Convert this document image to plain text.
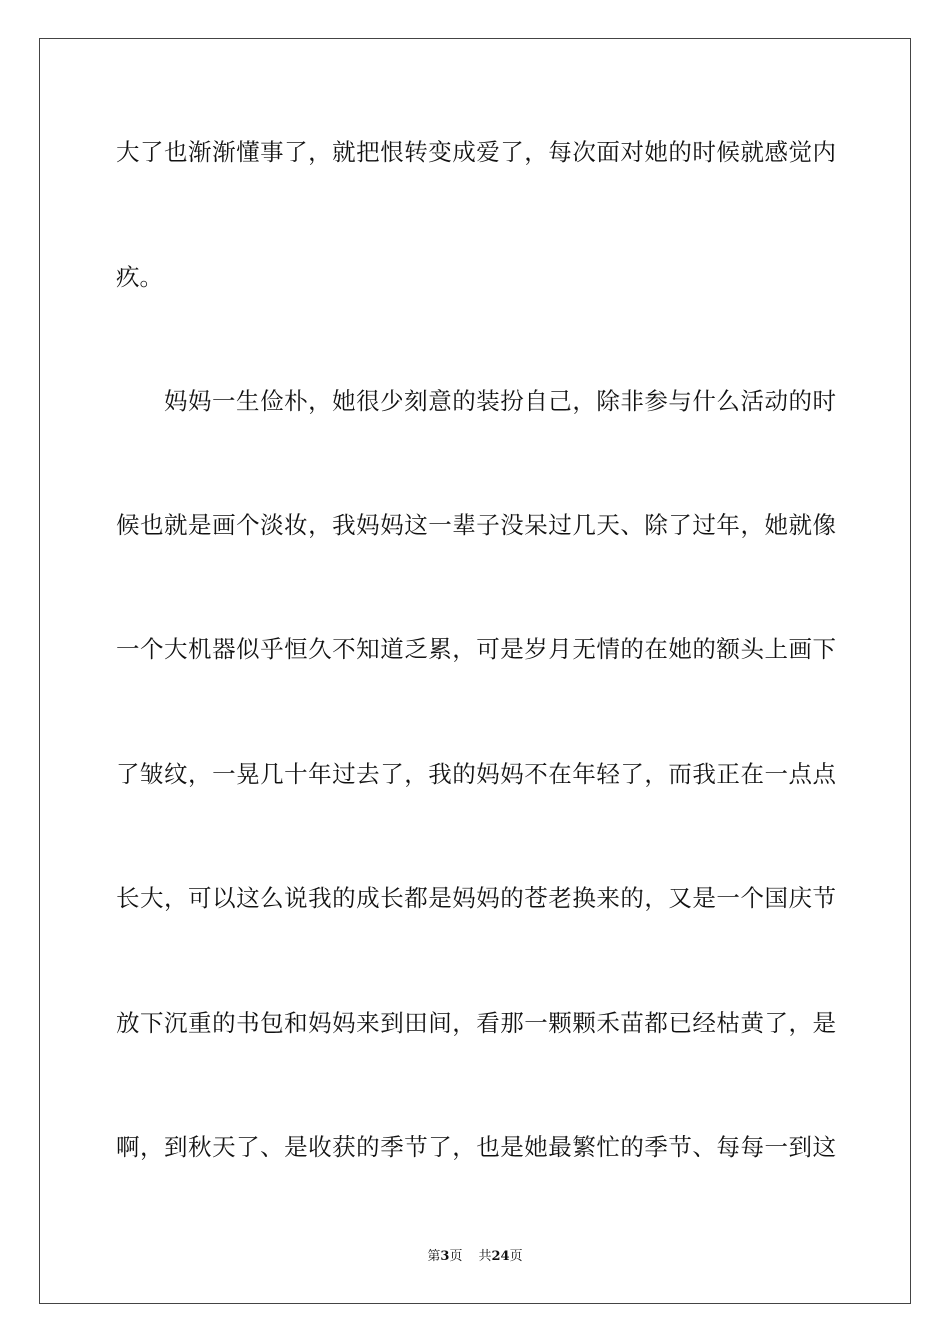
大了也渐渐懂事了，就把恨转变成爱了，每次面对她的时候就感觉内
疚。
妈妈一生俭朴，她很少刻意的装扮自己，除非参与什么活动的时
候也就是画个淡妆，我妈妈这一辈子没呆过几天、除了过年，她就像
一个大机器似乎恒久不知道乏累，可是岁月无情的在她的额头上画下
了皱纹，一晃几十年过去了，我的妈妈不在年轻了，而我正在一点点
长大，可以这么说我的成长都是妈妈的苍老换来的，又是一个国庆节
放下沉重的书包和妈妈来到田间，看那一颗颗禾苗都已经枯黄了，是
啊，到秋天了、是收获的季节了，也是她最繁忙的季节、每每一到这
第3页 共24页
